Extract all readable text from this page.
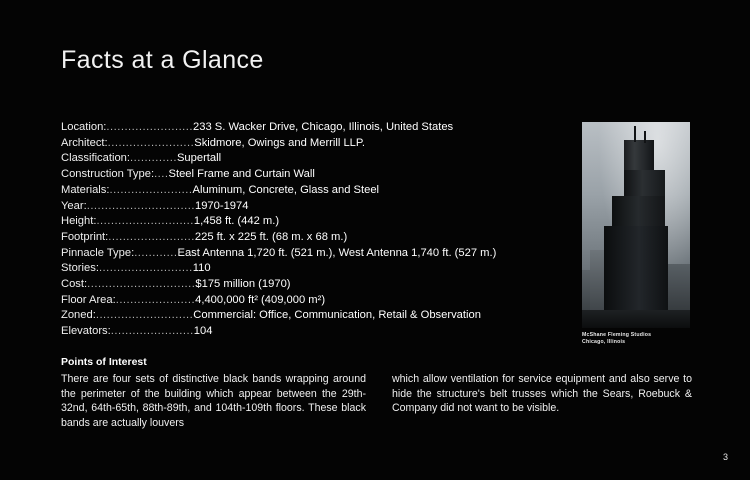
Facts at a Glance
Location:........................233 S. Wacker Drive, Chicago, Illinois, United States
Architect:........................Skidmore, Owings and Merrill LLP.
Classification:.............Supertall
Construction Type:....Steel Frame and Curtain Wall
Materials:.......................Aluminum, Concrete, Glass and Steel
Year:..............................1970-1974
Height:...........................1,458 ft. (442 m.)
Footprint:........................225 ft. x 225 ft. (68 m. x 68 m.)
Pinnacle Type:............East Antenna 1,720 ft. (521 m.), West Antenna 1,740 ft. (527 m.)
Stories:..........................110
Cost:..............................$175 million (1970)
Floor Area:......................4,400,000 ft² (409,000 m²)
Zoned:...........................Commercial: Office, Communication, Retail & Observation
Elevators:.......................104	McShane Fleming Studios
Chicago, Illinois
Points of Interest
There are four sets of distinctive black bands wrapping around the perimeter of the building which appear between the 29th-32nd, 64th-65th, 88th-89th, and 104th-109th floors. These black bands are actually louvers
which allow ventilation for service equipment and also serve to hide the structure's belt trusses which the Sears, Roebuck & Company did not want to be visible.
3
